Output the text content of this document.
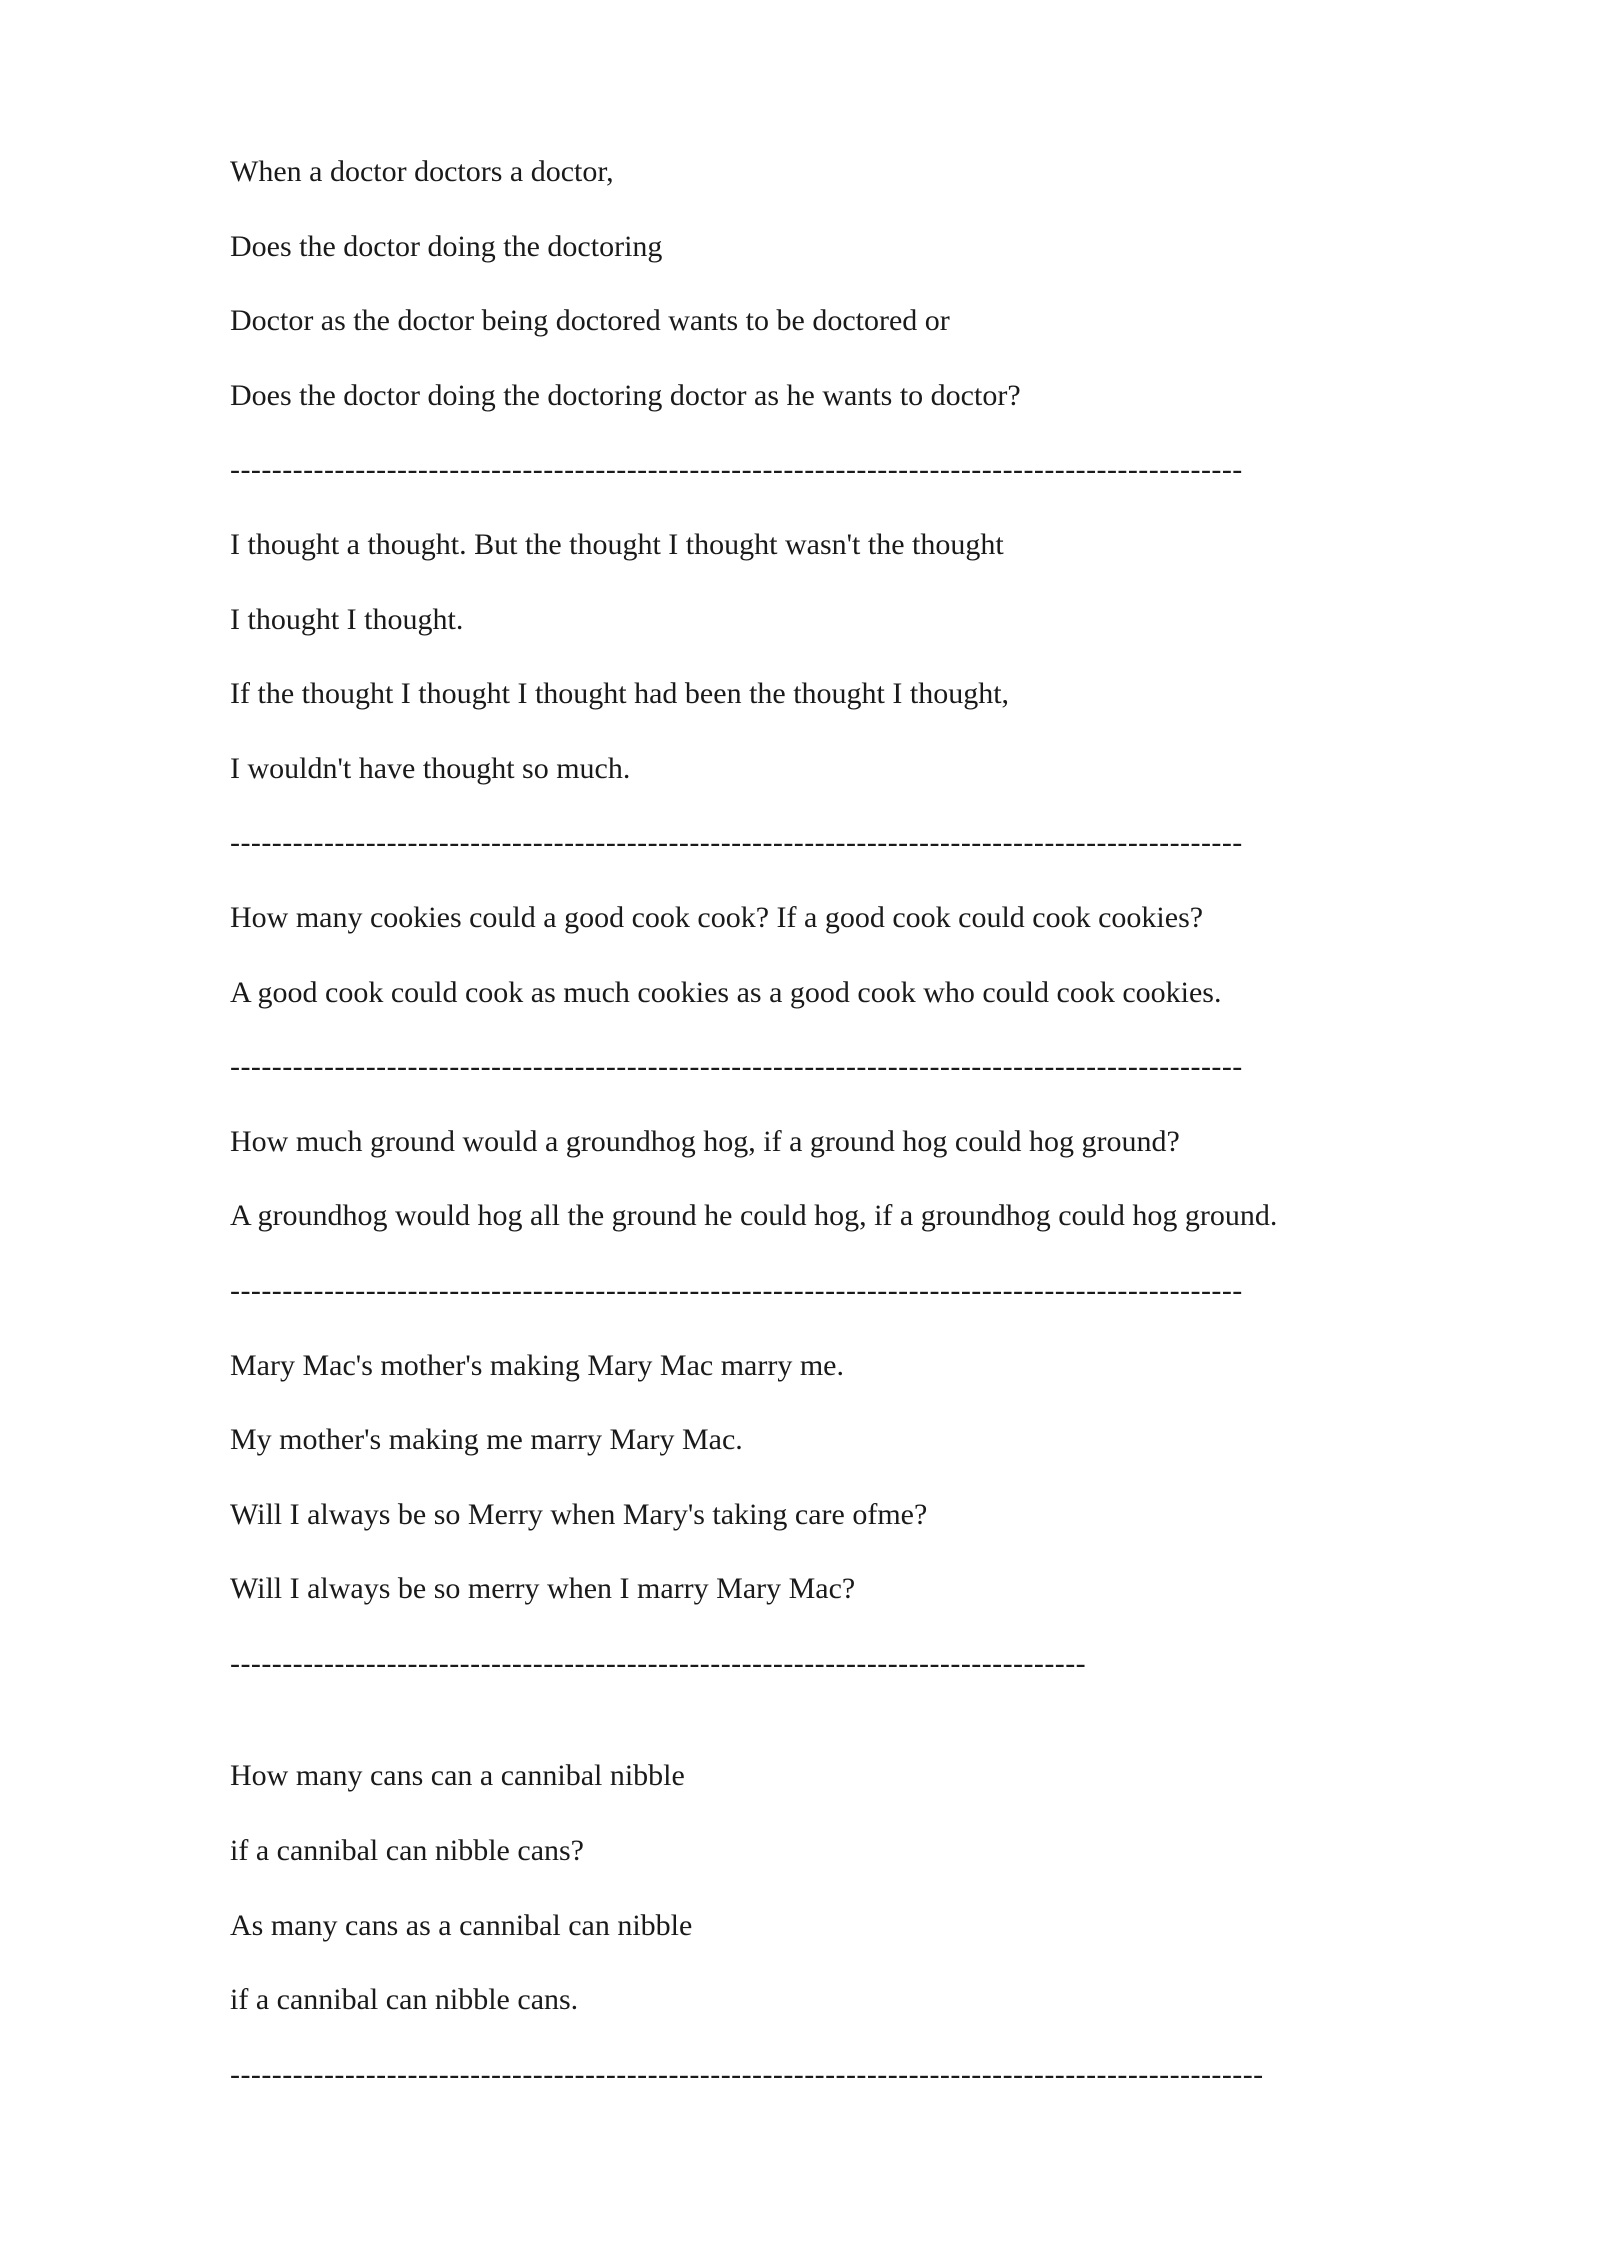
When a doctor doctors a doctor,
Does the doctor doing the doctoring
Doctor as the doctor being doctored wants to be doctored or
Does the doctor doing the doctoring doctor as he wants to doctor?
-------------------------------------------------------------------------------------------------
I thought a thought. But the thought I thought wasn't the thought
I thought I thought.
If the thought I thought I thought had been the thought I thought,
I wouldn't have thought so much.
-------------------------------------------------------------------------------------------------
How many cookies could a good cook cook? If a good cook could cook cookies?
A good cook could cook as much cookies as a good cook who could cook cookies.
-------------------------------------------------------------------------------------------------
How much ground would a groundhog hog, if a ground hog could hog ground?
A groundhog would hog all the ground he could hog, if a groundhog could hog ground.
-------------------------------------------------------------------------------------------------
Mary Mac's mother's making Mary Mac marry me.
My mother's making me marry Mary Mac.
Will I always be so Merry when Mary's taking care ofme?
Will I always be so merry when I marry Mary Mac?
----------------------------------------------------------------------------------
How many cans can a cannibal nibble
if a cannibal can nibble cans?
As many cans as a cannibal can nibble
if a cannibal can nibble cans.
---------------------------------------------------------------------------------------------------
